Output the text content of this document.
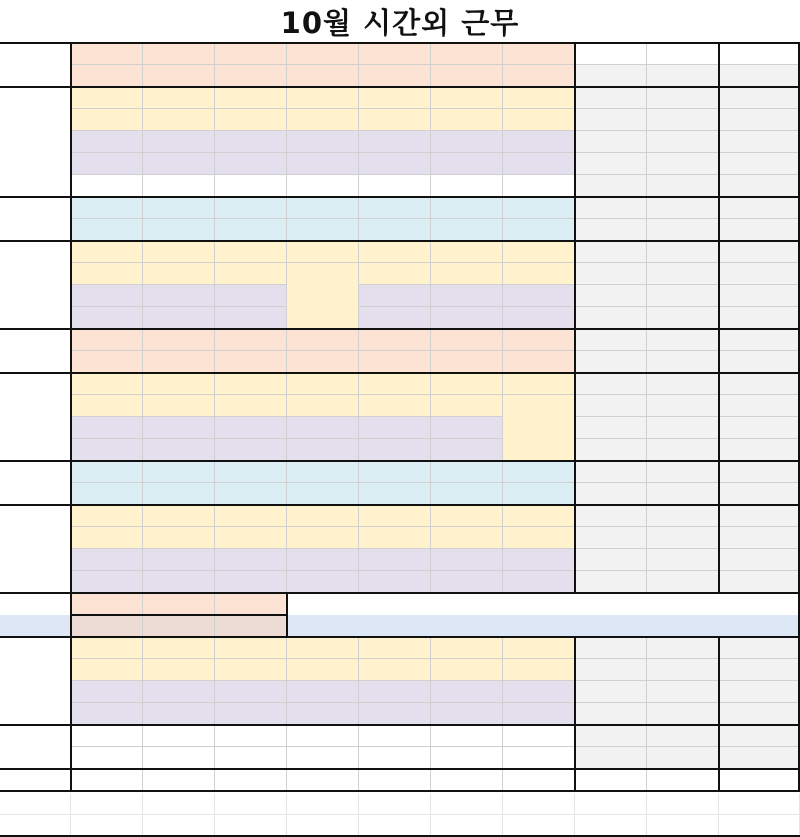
10월 시간외 근무
